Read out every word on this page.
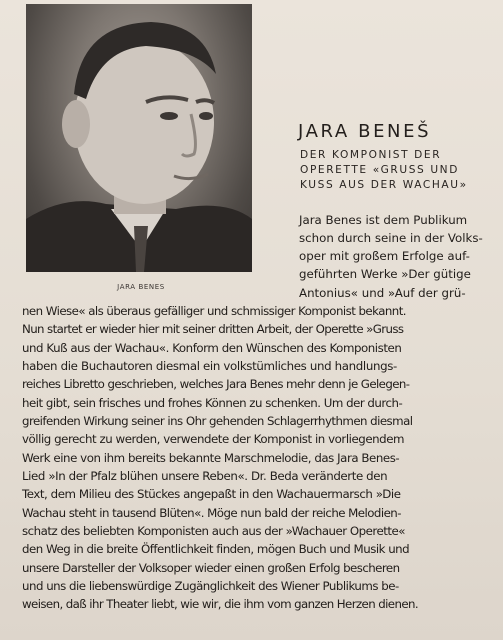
JARA BENES
JARA BENEŠ
DER KOMPONIST DER
OPERETTE «GRUSS UND
KUSS AUS DER WACHAU»
Jara Benes ist dem Publikum
schon durch seine in der Volks-
oper mit großem Erfolge auf-
geführten Werke »Der gütige
Antonius« und »Auf der grü-
nen Wiese« als überaus gefälliger und schmissiger Komponist bekannt.
Nun startet er wieder hier mit seiner dritten Arbeit, der Operette »Gruss
und Kuß aus der Wachau«. Konform den Wünschen des Komponisten
haben die Buchautoren diesmal ein volkstümliches und handlungs-
reiches Libretto geschrieben, welches Jara Benes mehr denn je Gelegen-
heit gibt, sein frisches und frohes Können zu schenken. Um der durch-
greifenden Wirkung seiner ins Ohr gehenden Schlagerrhythmen diesmal
völlig gerecht zu werden, verwendete der Komponist in vorliegendem
Werk eine von ihm bereits bekannte Marschmelodie, das Jara Benes-
Lied »In der Pfalz blühen unsere Reben«. Dr. Beda veränderte den
Text, dem Milieu des Stückes angepaßt in den Wachauermarsch »Die
Wachau steht in tausend Blüten«. Möge nun bald der reiche Melodien-
schatz des beliebten Komponisten auch aus der »Wachauer Operette«
den Weg in die breite Öffentlichkeit finden, mögen Buch und Musik und
unsere Darsteller der Volksoper wieder einen großen Erfolg bescheren
und uns die liebenswürdige Zugänglichkeit des Wiener Publikums be-
weisen, daß ihr Theater liebt, wie wir, die ihm vom ganzen Herzen dienen.
